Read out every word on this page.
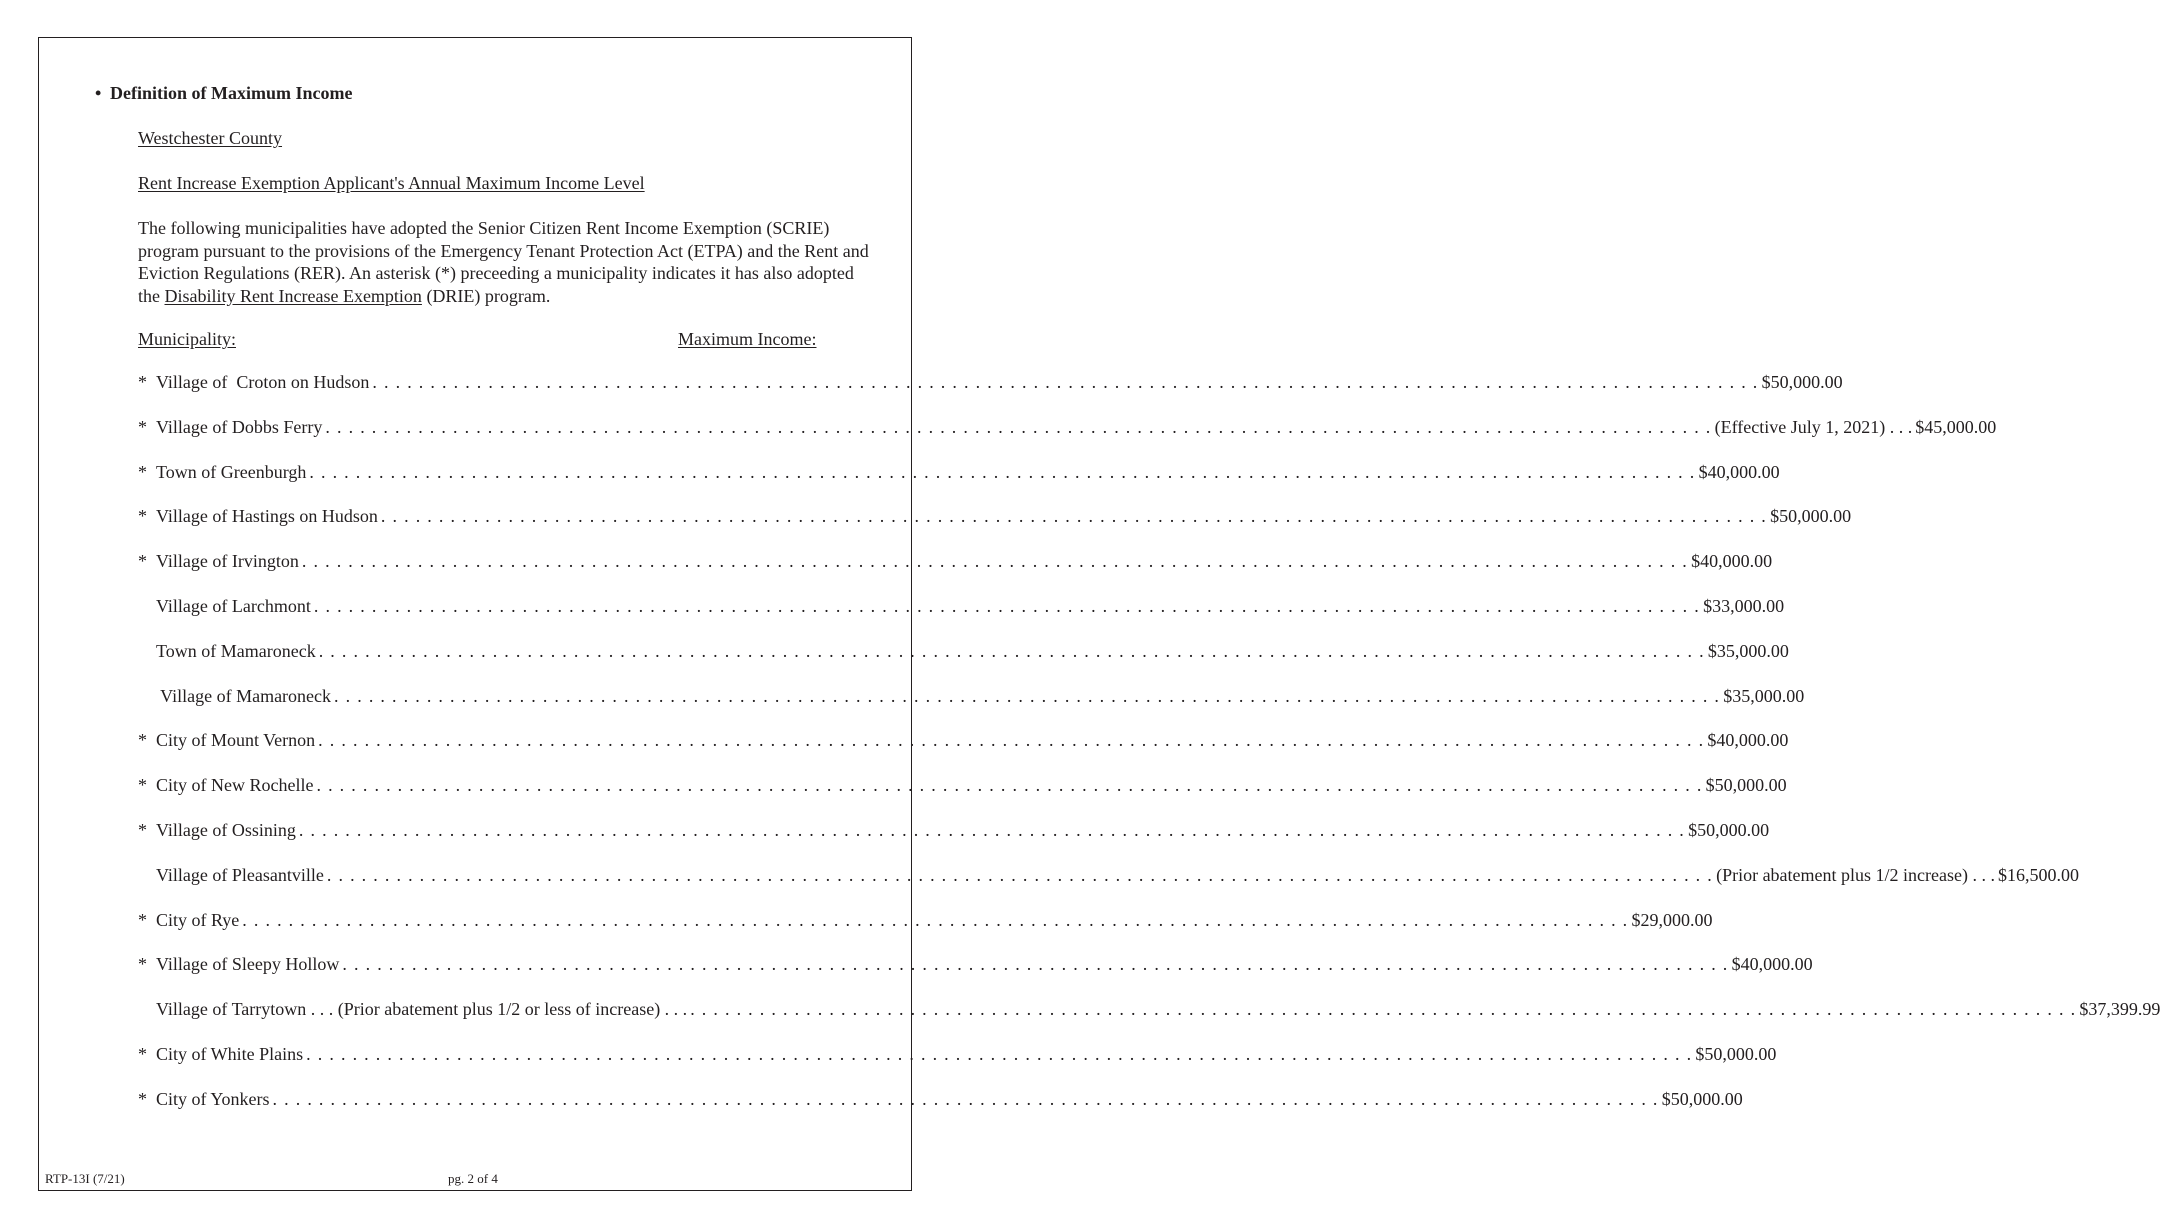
• Definition of Maximum Income
Westchester County
Rent Increase Exemption Applicant's Annual Maximum Income Level

The following municipalities have adopted the Senior Citizen Rent Income Exemption (SCRIE) program pursuant to the provisions of the Emergency Tenant Protection Act (ETPA) and the Rent and Eviction Regulations (RER). An asterisk (*) preceeding a municipality indicates it has also adopted the Disability Rent Increase Exemption (DRIE) program.

Municipality:	Maximum Income:
* Village of  Croton on Hudson . . . . . . . . . . . . . . . . . . . . . . . . . . . . . . . . . . . . . . . . . . . . . . . . . . . . . . . . . . . . . . . . . . . . . . . . . . . . . . . . . . . . . . . . . . . . . . . . . . . . . . . . . . . . . . . . . . . . . . . . $50,000.00
* Village of Dobbs Ferry . . . . . . . . . . . . . . . . . . . . . . . . . . . . . . . . . . . . . . . . . . . . . . . . . . . . . . . . . . . . . . . . . . . . . . . . . . . . . . . . . . . . . . . . . . . . . . . . . . . . . . . . . . . . . . . . . . . . . . . . (Effective July 1, 2021) . . . $45,000.00
* Town of Greenburgh . . . . . . . . . . . . . . . . . . . . . . . . . . . . . . . . . . . . . . . . . . . . . . . . . . . . . . . . . . . . . . . . . . . . . . . . . . . . . . . . . . . . . . . . . . . . . . . . . . . . . . . . . . . . . . . . . . . . . . . . $40,000.00
* Village of Hastings on Hudson . . . . . . . . . . . . . . . . . . . . . . . . . . . . . . . . . . . . . . . . . . . . . . . . . . . . . . . . . . . . . . . . . . . . . . . . . . . . . . . . . . . . . . . . . . . . . . . . . . . . . . . . . . . . . . . . . . . . . . . . $50,000.00
* Village of Irvington . . . . . . . . . . . . . . . . . . . . . . . . . . . . . . . . . . . . . . . . . . . . . . . . . . . . . . . . . . . . . . . . . . . . . . . . . . . . . . . . . . . . . . . . . . . . . . . . . . . . . . . . . . . . . . . . . . . . . . . . $40,000.00
Village of Larchmont . . . . . . . . . . . . . . . . . . . . . . . . . . . . . . . . . . . . . . . . . . . . . . . . . . . . . . . . . . . . . . . . . . . . . . . . . . . . . . . . . . . . . . . . . . . . . . . . . . . . . . . . . . . . . . . . . . . . . . . . $33,000.00
Town of Mamaroneck . . . . . . . . . . . . . . . . . . . . . . . . . . . . . . . . . . . . . . . . . . . . . . . . . . . . . . . . . . . . . . . . . . . . . . . . . . . . . . . . . . . . . . . . . . . . . . . . . . . . . . . . . . . . . . . . . . . . . . . . $35,000.00
Village of Mamaroneck . . . . . . . . . . . . . . . . . . . . . . . . . . . . . . . . . . . . . . . . . . . . . . . . . . . . . . . . . . . . . . . . . . . . . . . . . . . . . . . . . . . . . . . . . . . . . . . . . . . . . . . . . . . . . . . . . . . . . . . . $35,000.00
* City of Mount Vernon . . . . . . . . . . . . . . . . . . . . . . . . . . . . . . . . . . . . . . . . . . . . . . . . . . . . . . . . . . . . . . . . . . . . . . . . . . . . . . . . . . . . . . . . . . . . . . . . . . . . . . . . . . . . . . . . . . . . . . . . $40,000.00
* City of New Rochelle . . . . . . . . . . . . . . . . . . . . . . . . . . . . . . . . . . . . . . . . . . . . . . . . . . . . . . . . . . . . . . . . . . . . . . . . . . . . . . . . . . . . . . . . . . . . . . . . . . . . . . . . . . . . . . . . . . . . . . . . $50,000.00
* Village of Ossining . . . . . . . . . . . . . . . . . . . . . . . . . . . . . . . . . . . . . . . . . . . . . . . . . . . . . . . . . . . . . . . . . . . . . . . . . . . . . . . . . . . . . . . . . . . . . . . . . . . . . . . . . . . . . . . . . . . . . . . . $50,000.00
Village of Pleasantville . . . . . . . . . . . . . . . . . . . . . . . . . . . . . . . . . . . . . . . . . . . . . . . . . . . . . . . . . . . . . . . . . . . . . . . . . . . . . . . . . . . . . . . . . . . . . . . . . . . . . . . . . . . . . . . . . . . . . . . . (Prior abatement plus 1/2 increase) . . . $16,500.00
* City of Rye . . . . . . . . . . . . . . . . . . . . . . . . . . . . . . . . . . . . . . . . . . . . . . . . . . . . . . . . . . . . . . . . . . . . . . . . . . . . . . . . . . . . . . . . . . . . . . . . . . . . . . . . . . . . . . . . . . . . . . . . $29,000.00
* Village of Sleepy Hollow . . . . . . . . . . . . . . . . . . . . . . . . . . . . . . . . . . . . . . . . . . . . . . . . . . . . . . . . . . . . . . . . . . . . . . . . . . . . . . . . . . . . . . . . . . . . . . . . . . . . . . . . . . . . . . . . . . . . . . . . $40,000.00
Village of Tarrytown . . . (Prior abatement plus 1/2 or less of increase) . . . . . . . . . . . . . . . . . . . . . . . . . . . . . . . . . . . . . . . . . . . . . . . . . . . . . . . . . . . . . . . . . . . . . . . . . . . . . . . . . . . . . . . . . . . . . . . . . . . . . . . . . . . . . . . . . . . . . . . . . . . $37,399.99
* City of White Plains . . . . . . . . . . . . . . . . . . . . . . . . . . . . . . . . . . . . . . . . . . . . . . . . . . . . . . . . . . . . . . . . . . . . . . . . . . . . . . . . . . . . . . . . . . . . . . . . . . . . . . . . . . . . . . . . . . . . . . . . $50,000.00
* City of Yonkers . . . . . . . . . . . . . . . . . . . . . . . . . . . . . . . . . . . . . . . . . . . . . . . . . . . . . . . . . . . . . . . . . . . . . . . . . . . . . . . . . . . . . . . . . . . . . . . . . . . . . . . . . . . . . . . . . . . . . . . . $50,000.00
RTP-13I (7/21)	pg. 2 of 4
